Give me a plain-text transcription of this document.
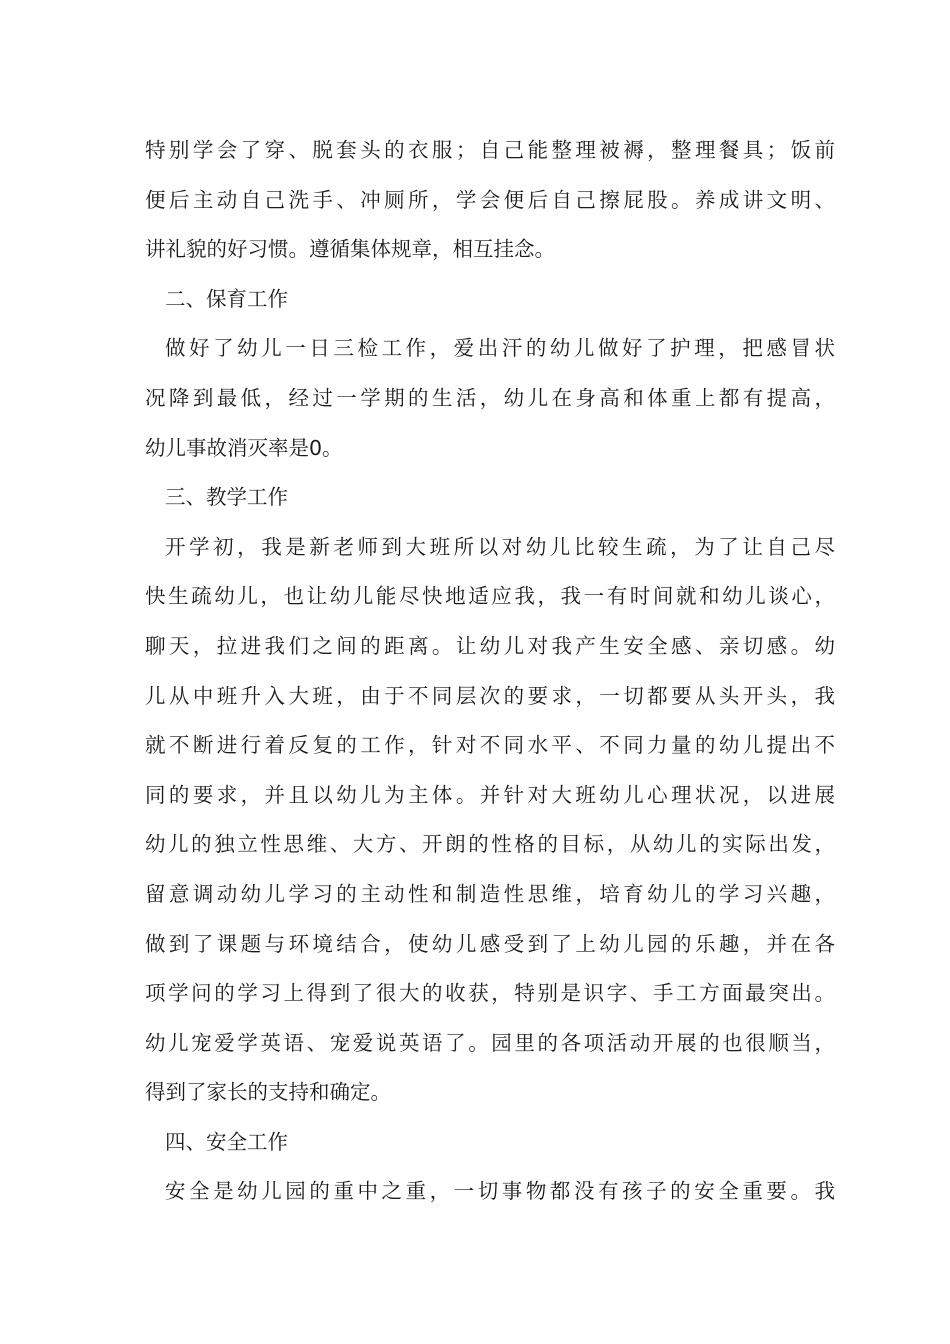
特别学会了穿、脱套头的衣服；自己能整理被褥，整理餐具；饭前
便后主动自己洗手、冲厕所，学会便后自己擦屁股。养成讲文明、
讲礼貌的好习惯。遵循集体规章，相互挂念。
二、保育工作
做好了幼儿一日三检工作，爱出汗的幼儿做好了护理，把感冒状
况降到最低，经过一学期的生活，幼儿在身高和体重上都有提高，
幼儿事故消灭率是0。
三、教学工作
开学初，我是新老师到大班所以对幼儿比较生疏，为了让自己尽
快生疏幼儿，也让幼儿能尽快地适应我，我一有时间就和幼儿谈心，
聊天，拉进我们之间的距离。让幼儿对我产生安全感、亲切感。幼
儿从中班升入大班，由于不同层次的要求，一切都要从头开头，我
就不断进行着反复的工作，针对不同水平、不同力量的幼儿提出不
同的要求，并且以幼儿为主体。并针对大班幼儿心理状况，以进展
幼儿的独立性思维、大方、开朗的性格的目标，从幼儿的实际出发，
留意调动幼儿学习的主动性和制造性思维，培育幼儿的学习兴趣，
做到了课题与环境结合，使幼儿感受到了上幼儿园的乐趣，并在各
项学问的学习上得到了很大的收获，特别是识字、手工方面最突出。
幼儿宠爱学英语、宠爱说英语了。园里的各项活动开展的也很顺当，
得到了家长的支持和确定。
四、安全工作
安全是幼儿园的重中之重，一切事物都没有孩子的安全重要。我
